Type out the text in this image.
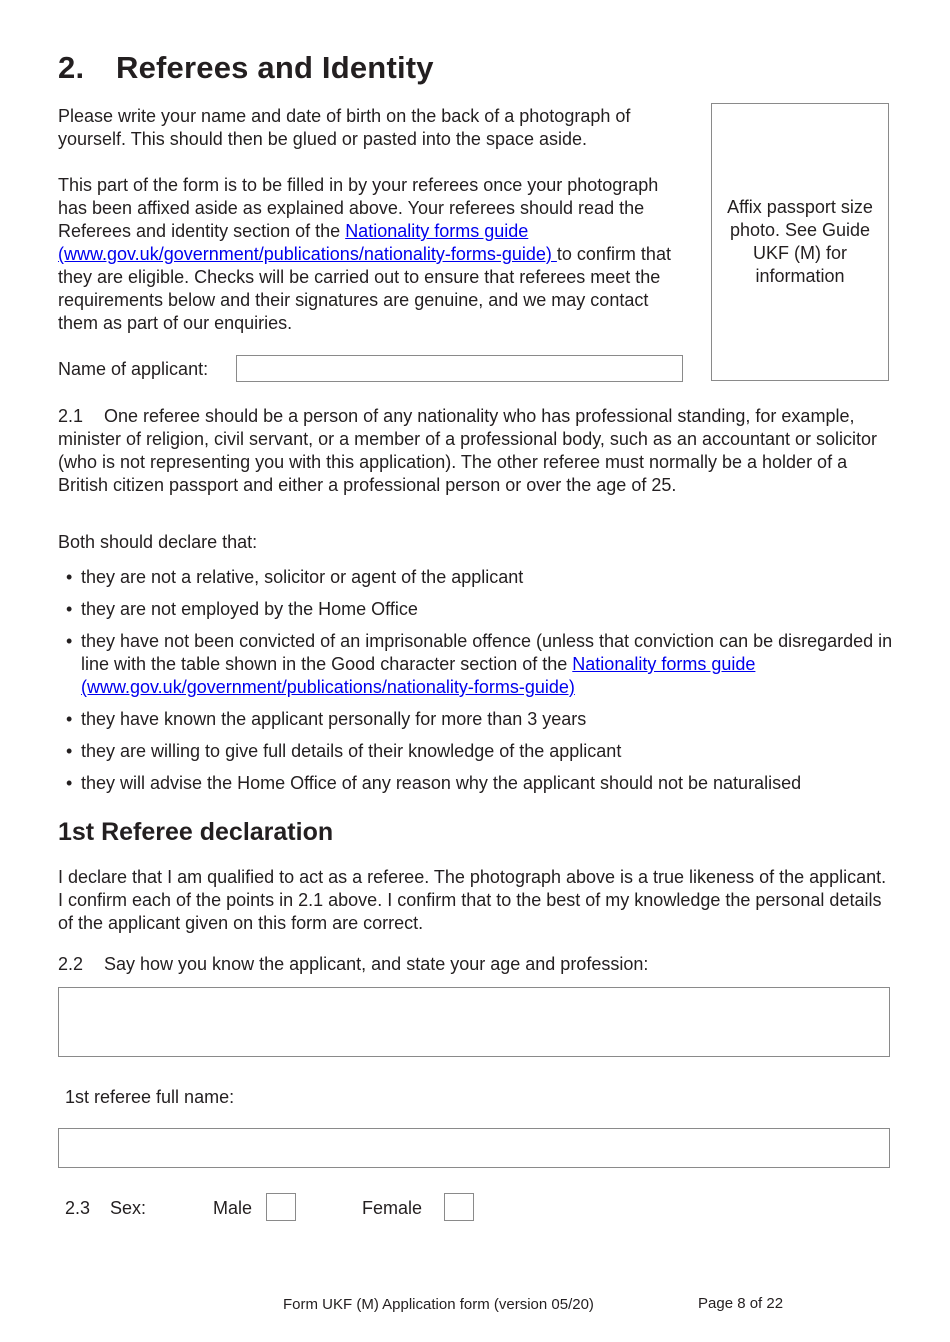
2. Referees and Identity
Please write your name and date of birth on the back of a photograph of yourself. This should then be glued or pasted into the space aside.
This part of the form is to be filled in by your referees once your photograph has been affixed aside as explained above. Your referees should read the Referees and identity section of the Nationality forms guide (www.gov.uk/government/publications/nationality-forms-guide) to confirm that they are eligible. Checks will be carried out to ensure that referees meet the requirements below and their signatures are genuine, and we may contact them as part of our enquiries.
Affix passport size photo. See Guide UKF (M) for information
Name of applicant:
2.1 One referee should be a person of any nationality who has professional standing, for example, minister of religion, civil servant, or a member of a professional body, such as an accountant or solicitor (who is not representing you with this application). The other referee must normally be a holder of a British citizen passport and either a professional person or over the age of 25.
Both should declare that:
• they are not a relative, solicitor or agent of the applicant
• they are not employed by the Home Office
• they have not been convicted of an imprisonable offence (unless that conviction can be disregarded in line with the table shown in the Good character section of the Nationality forms guide (www.gov.uk/government/publications/nationality-forms-guide)
• they have known the applicant personally for more than 3 years
• they are willing to give full details of their knowledge of the applicant
• they will advise the Home Office of any reason why the applicant should not be naturalised
1st Referee declaration
I declare that I am qualified to act as a referee. The photograph above is a true likeness of the applicant. I confirm each of the points in 2.1 above. I confirm that to the best of my knowledge the personal details of the applicant given on this form are correct.
2.2 Say how you know the applicant, and state your age and profession:
1st referee full name:
2.3 Sex:	Male	Female
Form UKF (M) Application form (version 05/20)	Page 8 of 22
